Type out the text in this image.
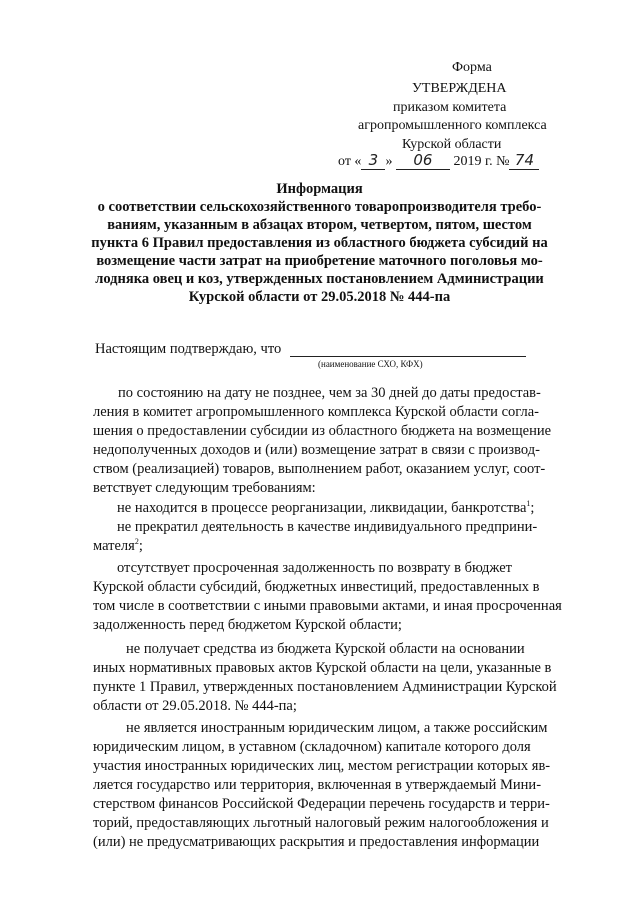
Форма
УТВЕРЖДЕНА
приказом комитета
агропромышленного комплекса
Курской области
от « 3 » 06 2019 г. № 74
Информация
о соответствии сельскохозяйственного товаропроизводителя требо-
ваниям, указанным в абзацах втором, четвертом, пятом, шестом
пункта 6 Правил предоставления из областного бюджета субсидий на
возмещение части затрат на приобретение маточного поголовья мо-
лодняка овец и коз, утвержденных постановлением Администрации
Курской области от 29.05.2018 № 444-па
Настоящим подтверждаю, что
(наименование СХО, КФХ)
по состоянию на дату не позднее, чем за 30 дней до даты предостав-
ления в комитет агропромышленного комплекса Курской области согла-
шения о предоставлении субсидии из областного бюджета на возмещение
недополученных доходов и (или) возмещение затрат в связи с производ-
ством (реализацией) товаров, выполнением работ, оказанием услуг, соот-
ветствует следующим требованиям:
не находится в процессе реорганизации, ликвидации, банкротства$^1$;
не прекратил деятельность в качестве индивидуального предприни-
мателя$^2$;
отсутствует просроченная задолженность по возврату в бюджет
Курской области субсидий, бюджетных инвестиций, предоставленных в
том числе в соответствии с иными правовыми актами, и иная просроченная
задолженность перед бюджетом Курской области;
не получает средства из бюджета Курской области на основании
иных нормативных правовых актов Курской области на цели, указанные в
пункте 1 Правил, утвержденных постановлением Администрации Курской
области от 29.05.2018. № 444-па;
не является иностранным юридическим лицом, а также российским
юридическим лицом, в уставном (складочном) капитале которого доля
участия иностранных юридических лиц, местом регистрации которых яв-
ляется государство или территория, включенная в утверждаемый Мини-
стерством финансов Российской Федерации перечень государств и терри-
торий, предоставляющих льготный налоговый режим налогообложения и
(или) не предусматривающих раскрытия и предоставления информации
